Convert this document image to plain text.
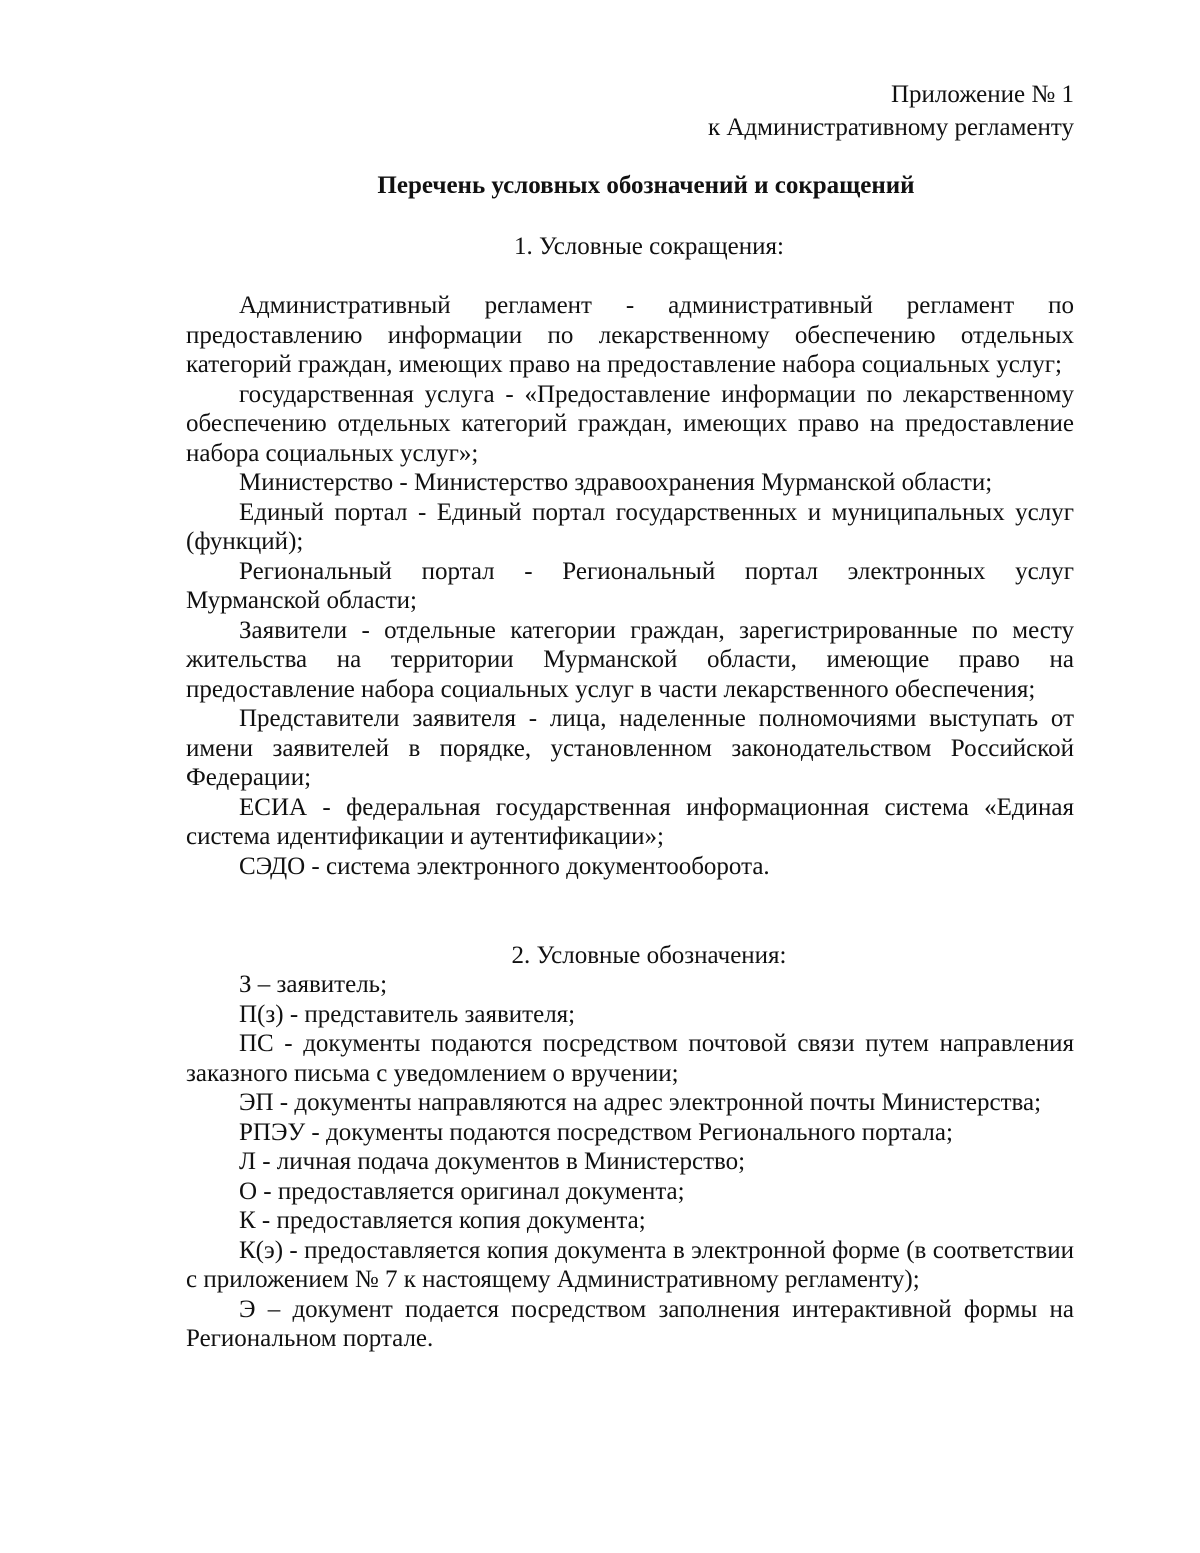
Приложение № 1
к Административному регламенту
Перечень условных обозначений и сокращений
1. Условные сокращения:

Административный регламент - административный регламент по предоставлению информации по лекарственному обеспечению отдельных категорий граждан, имеющих право на предоставление набора социальных услуг;

государственная услуга - «Предоставление информации по лекарственному обеспечению отдельных категорий граждан, имеющих право на предоставление набора социальных услуг»;

Министерство - Министерство здравоохранения Мурманской области;

Единый портал - Единый портал государственных и муниципальных услуг (функций);

Региональный портал - Региональный портал электронных услуг Мурманской области;

Заявители - отдельные категории граждан, зарегистрированные по месту жительства на территории Мурманской области, имеющие право на предоставление набора социальных услуг в части лекарственного обеспечения;

Представители заявителя - лица, наделенные полномочиями выступать от имени заявителей в порядке, установленном законодательством Российской Федерации;

ЕСИА - федеральная государственная информационная система «Единая система идентификации и аутентификации»;

СЭДО - система электронного документооборота.

2. Условные обозначения:

З – заявитель;

П(з) - представитель заявителя;

ПС - документы подаются посредством почтовой связи путем направления заказного письма с уведомлением о вручении;

ЭП - документы направляются на адрес электронной почты Министерства;

РПЭУ - документы подаются посредством Регионального портала;

Л - личная подача документов в Министерство;

О - предоставляется оригинал документа;

К - предоставляется копия документа;

К(э) - предоставляется копия документа в электронной форме (в соответствии с приложением № 7 к настоящему Административному регламенту);

Э – документ подается посредством заполнения интерактивной формы на Региональном портале.
